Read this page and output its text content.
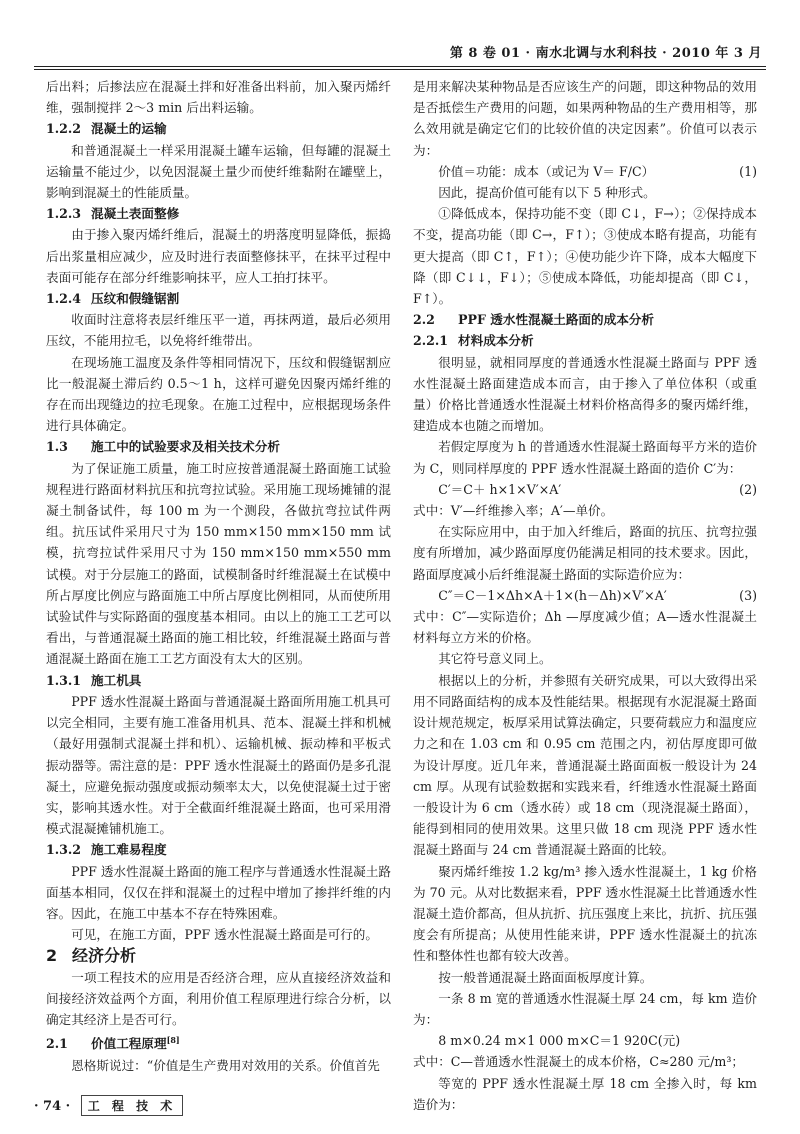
第 8 卷 01 · 南水北调与水利科技 · 2010 年 3 月

后出料；后掺法应在混凝土拌和好准备出料前，加入聚丙烯纤维，强制搅拌 2～3 min 后出料运输。

1.2.2 混凝土的运输

和普通混凝土一样采用混凝土罐车运输，但每罐的混凝土运输量不能过少，以免因混凝土量少而使纤维黏附在罐壁上，影响到混凝土的性能质量。

1.2.3 混凝土表面整修

由于掺入聚丙烯纤维后，混凝土的坍落度明显降低，振捣后出浆量相应减少，应及时进行表面整修抹平，在抹平过程中表面可能存在部分纤维影响抹平，应人工拍打抹平。

1.2.4 压纹和假缝锯割

收面时注意将表层纤维压平一道，再抹两道，最后必须用压纹，不能用拉毛，以免将纤维带出。

在现场施工温度及条件等相同情况下，压纹和假缝锯割应比一般混凝土滞后约 0.5～1 h，这样可避免因聚丙烯纤维的存在而出现缝边的拉毛现象。在施工过程中，应根据现场条件进行具体确定。

1.3 施工中的试验要求及相关技术分析

为了保证施工质量，施工时应按普通混凝土路面施工试验规程进行路面材料抗压和抗弯拉试验。采用施工现场摊铺的混凝土制备试件，每 100 m 为一个测段，各做抗弯拉试件两组。抗压试件采用尺寸为 150 mm×150 mm×150 mm 试模，抗弯拉试件采用尺寸为 150 mm×150 mm×550 mm 试模。对于分层施工的路面，试模制备时纤维混凝土在试模中所占厚度比例应与路面施工中所占厚度比例相同，从而使所用试验试件与实际路面的强度基本相同。由以上的施工工艺可以看出，与普通混凝土路面的施工相比较，纤维混凝土路面与普通混凝土路面在施工工艺方面没有太大的区别。

1.3.1 施工机具

PPF 透水性混凝土路面与普通混凝土路面所用施工机具可以完全相同，主要有施工准备用机具、范本、混凝土拌和机械（最好用强制式混凝土拌和机）、运输机械、振动棒和平板式振动器等。需注意的是：PPF 透水性混凝土的路面仍是多孔混凝土，应避免振动强度或振动频率太大，以免使混凝土过于密实，影响其透水性。对于全截面纤维混凝土路面，也可采用滑模式混凝摊铺机施工。

1.3.2 施工难易程度

PPF 透水性混凝土路面的施工程序与普通透水性混凝土路面基本相同，仅仅在拌和混凝土的过程中增加了掺拌纤维的内容。因此，在施工中基本不存在特殊困难。

可见，在施工方面，PPF 透水性混凝土路面是可行的。

2 经济分析

一项工程技术的应用是否经济合理，应从直接经济效益和间接经济效益两个方面，利用价值工程原理进行综合分析，以确定其经济上是否可行。

2.1 价值工程原理[8]

恩格斯说过：“价值是生产费用对效用的关系。价值首先

是用来解决某种物品是否应该生产的问题，即这种物品的效用是否抵偿生产费用的问题，如果两种物品的生产费用相等，那么效用就是确定它们的比较价值的决定因素”。价值可以表示为：

价值＝功能：成本（或记为 V＝ F/C）	(1)

因此，提高价值可能有以下 5 种形式。

①降低成本，保持功能不变（即 C↓，F→）；②保持成本不变，提高功能（即 C→，F↑）；③使成本略有提高，功能有更大提高（即 C↑，F↑）；④使功能少许下降，成本大幅度下降（即 C↓↓，F↓）；⑤使成本降低，功能却提高（即 C↓，F↑）。

2.2 PPF 透水性混凝土路面的成本分析

2.2.1 材料成本分析

很明显，就相同厚度的普通透水性混凝土路面与 PPF 透水性混凝土路面建造成本而言，由于掺入了单位体积（或重量）价格比普通透水性混凝土材料价格高得多的聚丙烯纤维，建造成本也随之而增加。

若假定厚度为 h 的普通透水性混凝土路面每平方米的造价为 C，则同样厚度的 PPF 透水性混凝土路面的造价 C′为：

C′＝C＋ h×1×V′×A′	(2)

式中：V′—纤维掺入率；A′—单价。

在实际应用中，由于加入纤维后，路面的抗压、抗弯拉强度有所增加，减少路面厚度仍能满足相同的技术要求。因此，路面厚度减小后纤维混凝土路面的实际造价应为：

C″＝C－1×Δh×A＋1×(h－Δh)×V′×A′	(3)

式中：C″—实际造价；Δh —厚度减少值；A—透水性混凝土材料每立方米的价格。

其它符号意义同上。

根据以上的分析，并参照有关研究成果，可以大致得出采用不同路面结构的成本及性能结果。根据现有水泥混凝土路面设计规范规定，板厚采用试算法确定，只要荷载应力和温度应力之和在 1.03 cm 和 0.95 cm 范围之内，初估厚度即可做为设计厚度。近几年来，普通混凝土路面面板一般设计为 24 cm 厚。从现有试验数据和实践来看，纤维透水性混凝土路面一般设计为 6 cm（透水砖）或 18 cm（现浇混凝土路面），能得到相同的使用效果。这里只做 18 cm 现浇 PPF 透水性混凝土路面与 24 cm 普通混凝土路面的比较。

聚丙烯纤维按 1.2 kg/m³ 掺入透水性混凝土，1 kg 价格为 70 元。从对比数据来看，PPF 透水性混凝土比普通透水性混凝土造价都高，但从抗折、抗压强度上来比，抗折、抗压强度会有所提高；从使用性能来讲，PPF 透水性混凝土的抗冻性和整体性也都有较大改善。

按一般普通混凝土路面面板厚度计算。

一条 8 m 宽的普通透水性混凝土厚 24 cm，每 km 造价为：

8 m×0.24 m×1 000 m×C＝1 920C(元)

式中：C—普通透水性混凝土的成本价格，C≈280 元/m³；

等宽的 PPF 透水性混凝土厚 18 cm 全掺入时，每 km 造价为：

· 74 · 工 程 技 术
